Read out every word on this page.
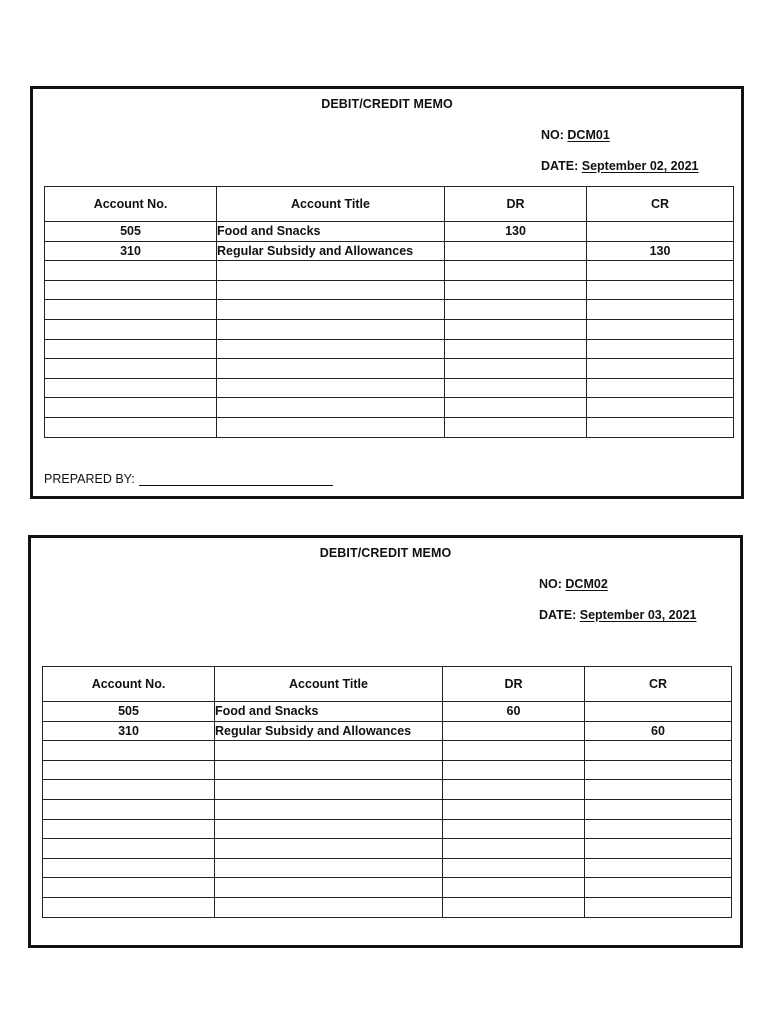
DEBIT/CREDIT MEMO
NO: DCM01
DATE: September 02, 2021
Account No.	Account Title	DR	CR
505	Food and Snacks	130	
310	Regular Subsidy and Allowances		130

PREPARED BY:
DEBIT/CREDIT MEMO
NO: DCM02
DATE: September 03, 2021
Account No.	Account Title	DR	CR
505	Food and Snacks	60	
310	Regular Subsidy and Allowances		60
